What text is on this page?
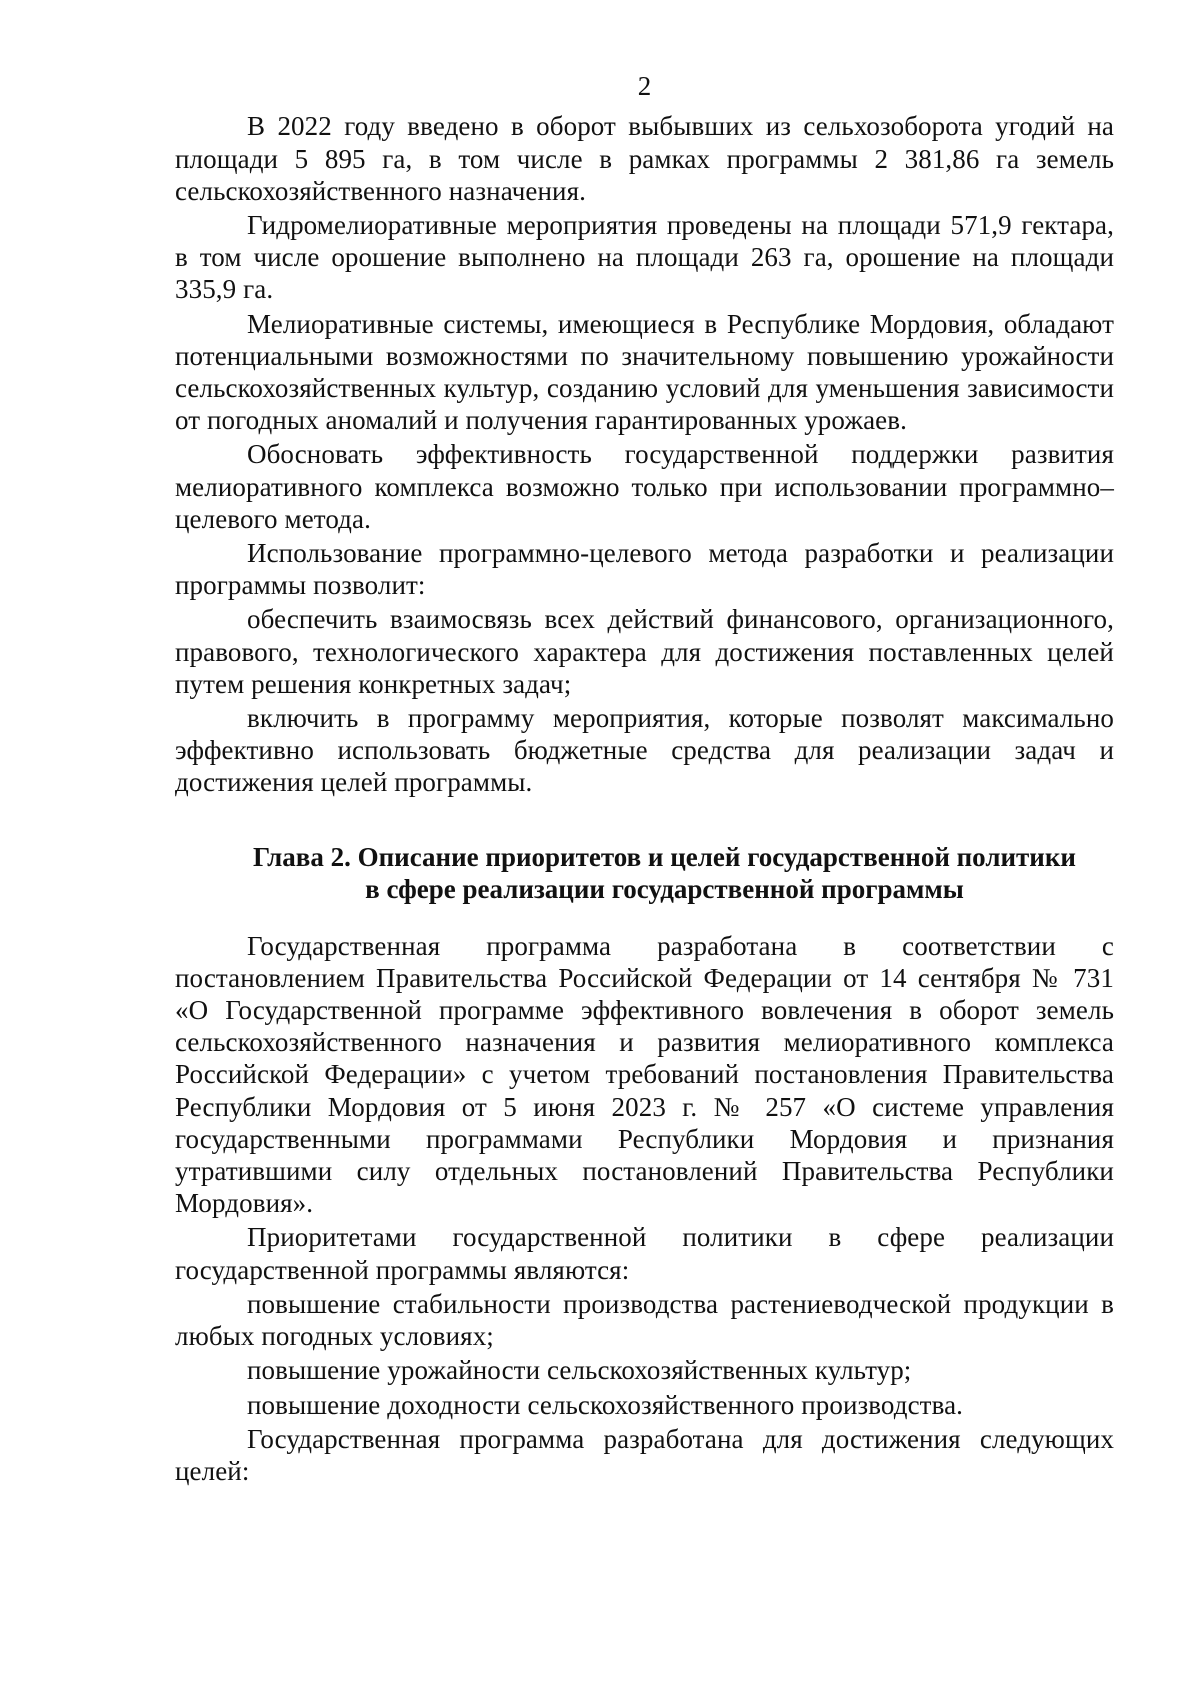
2

В 2022 году введено в оборот выбывших из сельхозоборота угодий на площади 5 895 га, в том числе в рамках программы 2 381,86 га земель сельскохозяйственного назначения.

Гидромелиоративные мероприятия проведены на площади 571,9 гектара, в том числе орошение выполнено на площади 263 га, орошение на площади 335,9 га.

Мелиоративные системы, имеющиеся в Республике Мордовия, обладают потенциальными возможностями по значительному повышению урожайности сельскохозяйственных культур, созданию условий для уменьшения зависимости от погодных аномалий и получения гарантированных урожаев.

Обосновать эффективность государственной поддержки развития мелиоративного комплекса возможно только при использовании программно–целевого метода.

Использование программно-целевого метода разработки и реализации программы позволит:

обеспечить взаимосвязь всех действий финансового, организационного, правового, технологического характера для достижения поставленных целей путем решения конкретных задач;

включить в программу мероприятия, которые позволят максимально эффективно использовать бюджетные средства для реализации задач и достижения целей программы.

Глава 2. Описание приоритетов и целей государственной политики
в сфере реализации государственной программы

Государственная программа разработана в соответствии с постановлением Правительства Российской Федерации от 14 сентября № 731 «О Государственной программе эффективного вовлечения в оборот земель сельскохозяйственного назначения и развития мелиоративного комплекса Российской Федерации» с учетом требований постановления Правительства Республики Мордовия от 5 июня 2023 г. № 257 «О системе управления государственными программами Республики Мордовия и признания утратившими силу отдельных постановлений Правительства Республики Мордовия».

Приоритетами государственной политики в сфере реализации государственной программы являются:

повышение стабильности производства растениеводческой продукции в любых погодных условиях;

повышение урожайности сельскохозяйственных культур;

повышение доходности сельскохозяйственного производства.

Государственная программа разработана для достижения следующих целей:
